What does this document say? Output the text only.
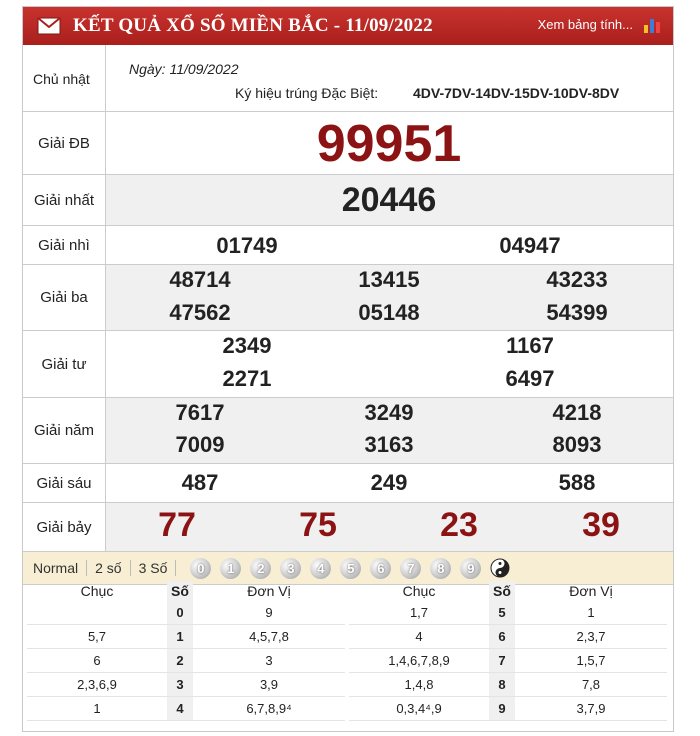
KẾT QUẢ XỔ SỐ MIỀN BẮC - 11/09/2022	Xem bảng tính...
Chủ nhật
Ngày: 11/09/2022
Ký hiệu trúng Đặc Biệt: 4DV-7DV-14DV-15DV-10DV-8DV
Giải ĐB	99951
Giải nhất	20446
Giải nhì	01749	04947
Giải ba
48714	13415	43233
47562	05148	54399
Giải tư
2349	1167
2271	6497
Giải năm
7617	3249	4218
7009	3163	8093
Giải sáu	487	249	588
Giải bảy	77	75	23	39
Normal	2 số	3 Số	0	1	2	3	4	5	6	7	8	9
Chục	Số	Đơn Vị
	0	9
5,7	1	4,5,7,8
6	2	3
2,3,6,9	3	3,9
1	4	6,7,8,9⁴
Chục	Số	Đơn Vị
1,7	5	1
4	6	2,3,7
1,4,6,7,8,9	7	1,5,7
1,4,8	8	7,8
0,3,4⁴,9	9	3,7,9
